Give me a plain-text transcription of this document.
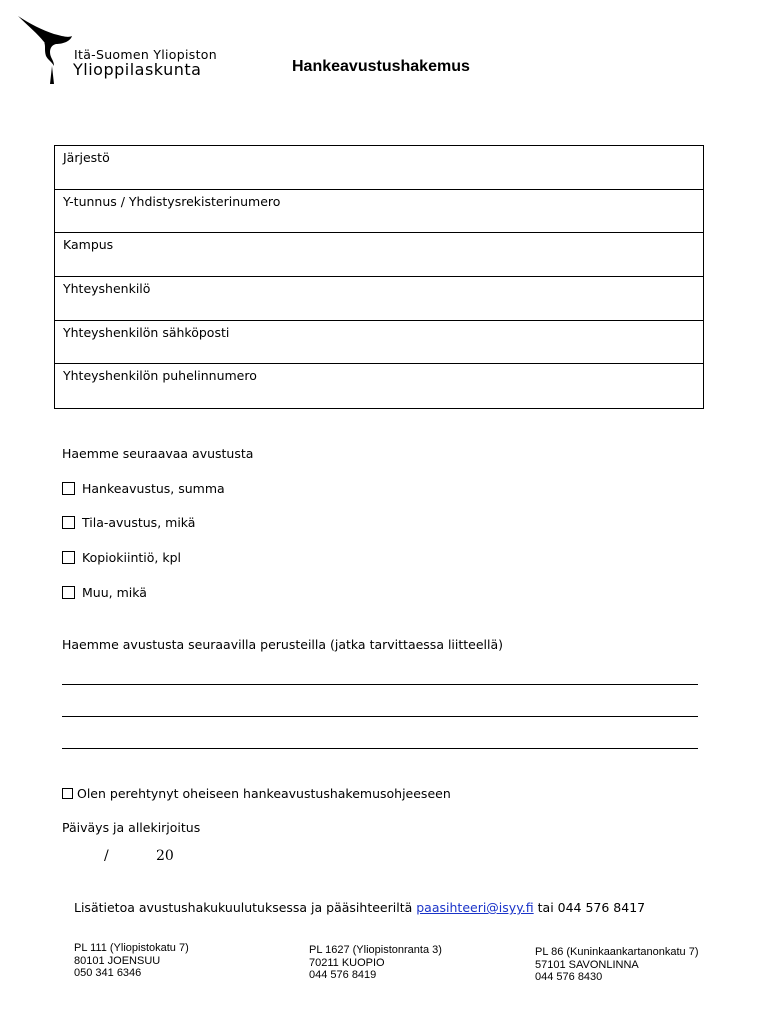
Itä-Suomen Yliopiston
Ylioppilaskunta	Hankeavustushakemus
Järjestö
Y-tunnus / Yhdistysrekisterinumero
Kampus
Yhteyshenkilö
Yhteyshenkilön sähköposti
Yhteyshenkilön puhelinnumero
Haemme seuraavaa avustusta
Hankeavustus, summa
Tila-avustus, mikä
Kopiokiintiö, kpl
Muu, mikä
Haemme avustusta seuraavilla perusteilla (jatka tarvittaessa liitteellä)
Olen perehtynyt oheiseen hankeavustushakemusohjeeseen
Päiväys ja allekirjoitus
/	20
Lisätietoa avustushakukuulutuksessa ja pääsihteeriltä paasihteeri@isyy.fi tai 044 576 8417
PL 111 (Yliopistokatu 7)
80101 JOENSUU
050 341 6346
PL 1627 (Yliopistonranta 3)
70211 KUOPIO
044 576 8419
PL 86 (Kuninkaankartanonkatu 7)
57101 SAVONLINNA
044 576 8430
